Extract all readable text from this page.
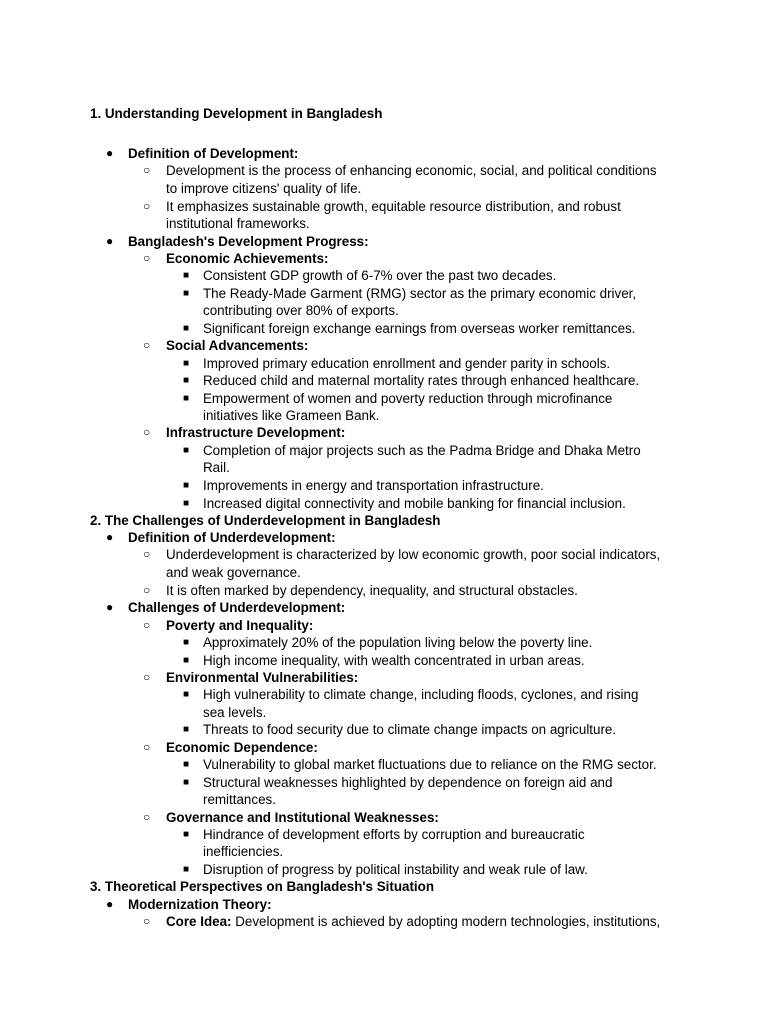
1. Understanding Development in Bangladesh
● Definition of Development:
○ Development is the process of enhancing economic, social, and political conditions
to improve citizens' quality of life.
○ It emphasizes sustainable growth, equitable resource distribution, and robust
institutional frameworks.
● Bangladesh's Development Progress:
○ Economic Achievements:
■ Consistent GDP growth of 6-7% over the past two decades.
■ The Ready-Made Garment (RMG) sector as the primary economic driver,
contributing over 80% of exports.
■ Significant foreign exchange earnings from overseas worker remittances.
○ Social Advancements:
■ Improved primary education enrollment and gender parity in schools.
■ Reduced child and maternal mortality rates through enhanced healthcare.
■ Empowerment of women and poverty reduction through microfinance
initiatives like Grameen Bank.
○ Infrastructure Development:
■ Completion of major projects such as the Padma Bridge and Dhaka Metro
Rail.
■ Improvements in energy and transportation infrastructure.
■ Increased digital connectivity and mobile banking for financial inclusion.
2. The Challenges of Underdevelopment in Bangladesh
● Definition of Underdevelopment:
○ Underdevelopment is characterized by low economic growth, poor social indicators,
and weak governance.
○ It is often marked by dependency, inequality, and structural obstacles.
● Challenges of Underdevelopment:
○ Poverty and Inequality:
■ Approximately 20% of the population living below the poverty line.
■ High income inequality, with wealth concentrated in urban areas.
○ Environmental Vulnerabilities:
■ High vulnerability to climate change, including floods, cyclones, and rising
sea levels.
■ Threats to food security due to climate change impacts on agriculture.
○ Economic Dependence:
■ Vulnerability to global market fluctuations due to reliance on the RMG sector.
■ Structural weaknesses highlighted by dependence on foreign aid and
remittances.
○ Governance and Institutional Weaknesses:
■ Hindrance of development efforts by corruption and bureaucratic
inefficiencies.
■ Disruption of progress by political instability and weak rule of law.
3. Theoretical Perspectives on Bangladesh's Situation
● Modernization Theory:
○ Core Idea: Development is achieved by adopting modern technologies, institutions,
